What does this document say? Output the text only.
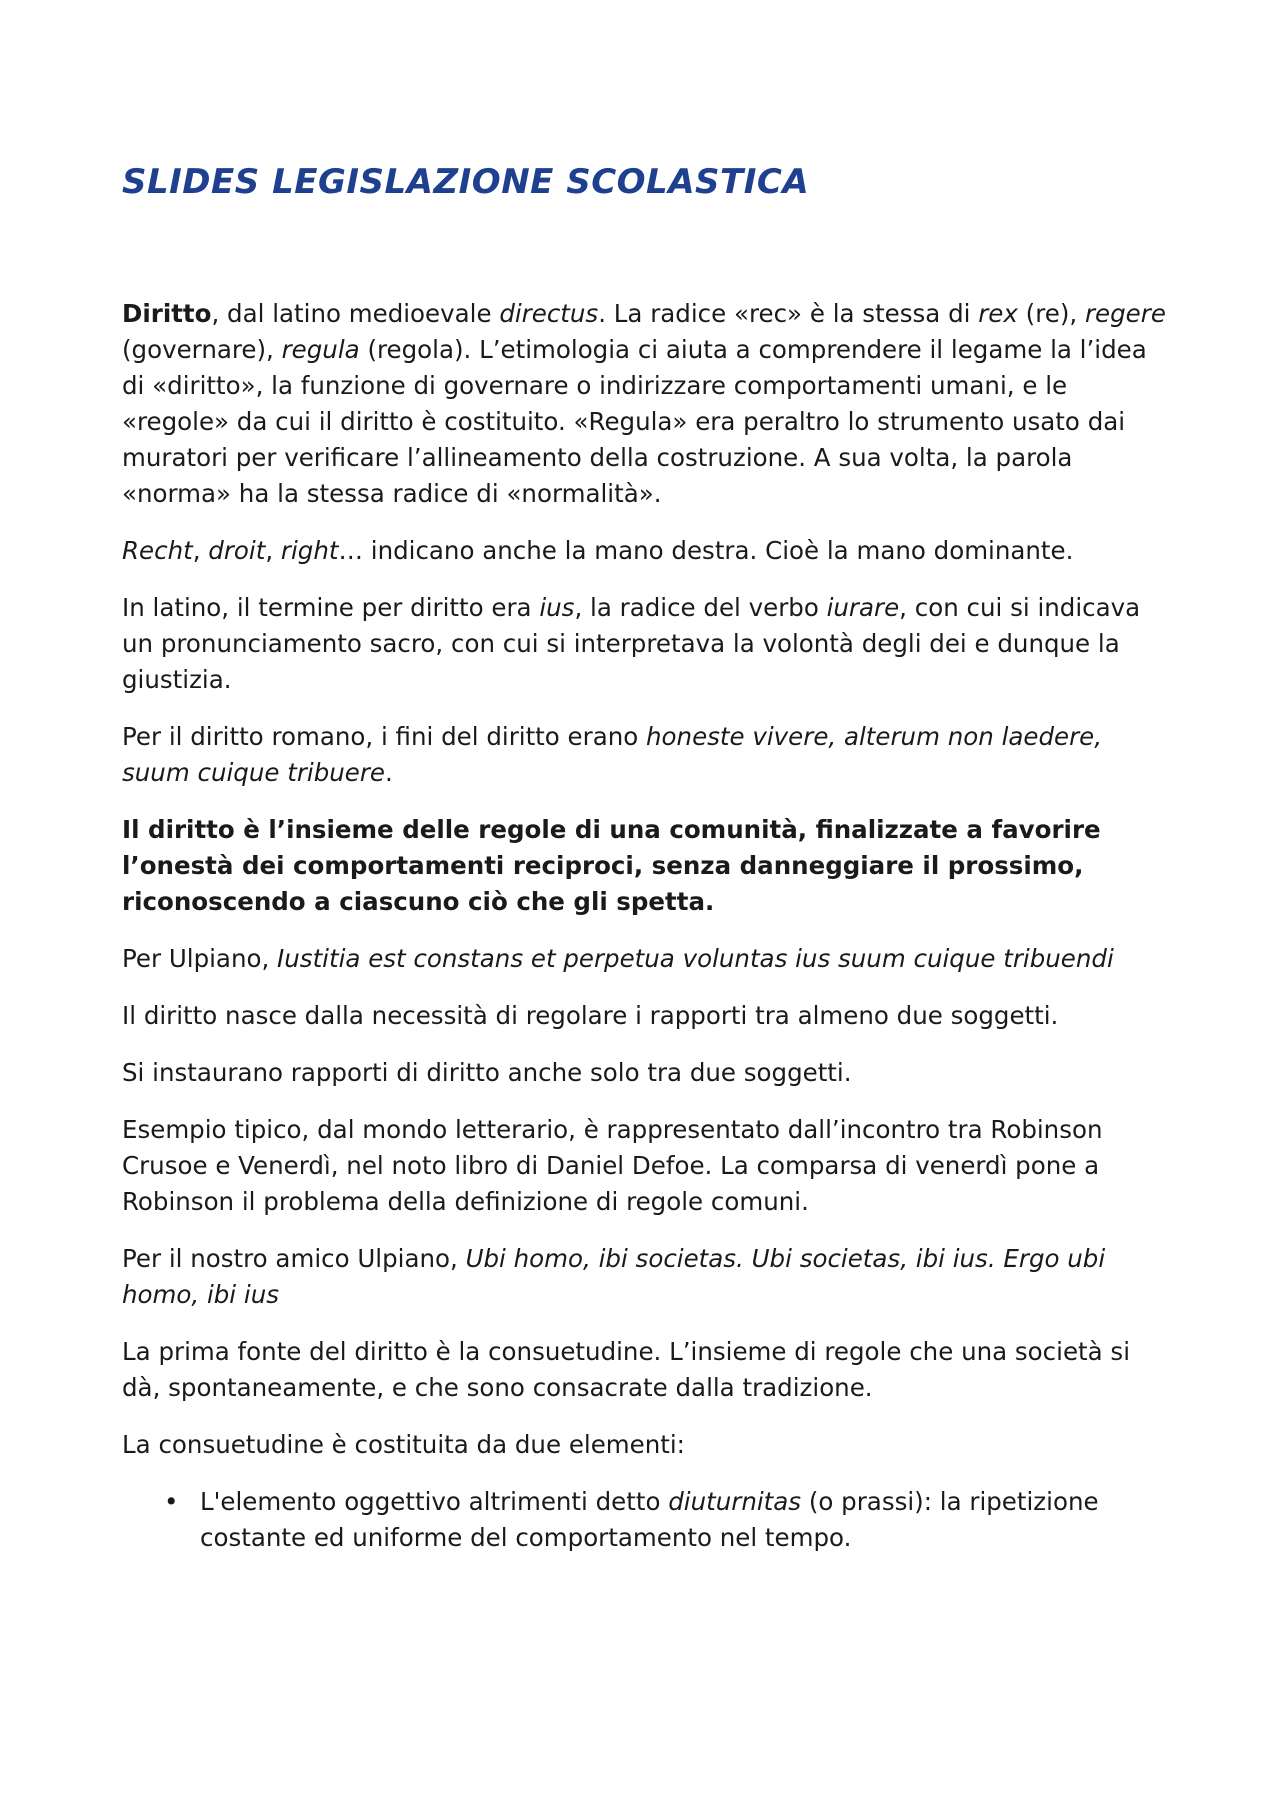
SLIDES LEGISLAZIONE SCOLASTICA

Diritto, dal latino medioevale directus. La radice «rec» è la stessa di rex (re), regere (governare), regula (regola). L’etimologia ci aiuta a comprendere il legame la l’idea di «diritto», la funzione di governare o indirizzare comportamenti umani, e le «regole» da cui il diritto è costituito. «Regula» era peraltro lo strumento usato dai muratori per verificare l’allineamento della costruzione. A sua volta, la parola «norma» ha la stessa radice di «normalità».

Recht, droit, right… indicano anche la mano destra. Cioè la mano dominante.

In latino, il termine per diritto era ius, la radice del verbo iurare, con cui si indicava un pronunciamento sacro, con cui si interpretava la volontà degli dei e dunque la giustizia.

Per il diritto romano, i fini del diritto erano honeste vivere, alterum non laedere, suum cuique tribuere.

Il diritto è l’insieme delle regole di una comunità, finalizzate a favorire l’onestà dei comportamenti reciproci, senza danneggiare il prossimo, riconoscendo a ciascuno ciò che gli spetta.

Per Ulpiano, Iustitia est constans et perpetua voluntas ius suum cuique tribuendi

Il diritto nasce dalla necessità di regolare i rapporti tra almeno due soggetti.

Si instaurano rapporti di diritto anche solo tra due soggetti.

Esempio tipico, dal mondo letterario, è rappresentato dall’incontro tra Robinson Crusoe e Venerdì, nel noto libro di Daniel Defoe. La comparsa di venerdì pone a Robinson il problema della definizione di regole comuni.

Per il nostro amico Ulpiano, Ubi homo, ibi societas. Ubi societas, ibi ius. Ergo ubi homo, ibi ius

La prima fonte del diritto è la consuetudine. L’insieme di regole che una società si dà, spontaneamente, e che sono consacrate dalla tradizione.

La consuetudine è costituita da due elementi:

• L'elemento oggettivo altrimenti detto diuturnitas (o prassi): la ripetizione costante ed uniforme del comportamento nel tempo.
